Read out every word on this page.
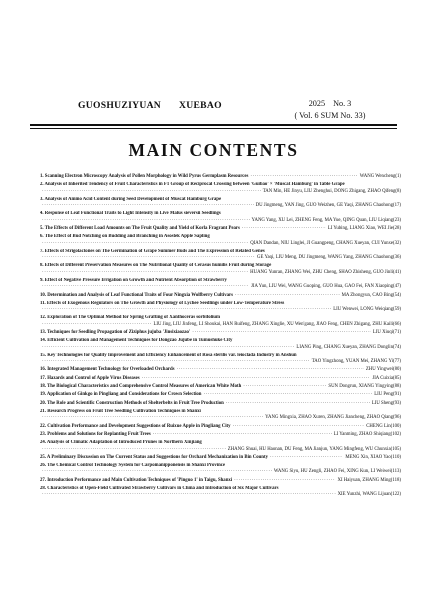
GUOSHUZIYUAN XUEBAO	2025 No. 3
( Vol. 6 SUM No. 33)
MAIN CONTENTS
1. Scanning Electron Microscopy Analysis of Pollen Morphology in Wild Pyrus Germplasm Resources ·····	WANG Wencheng(1)
2. Analysis of Inherited Tendency of Fruit Characteristics in F1 Group of Reciprocal Crossing between 'Guibao' × 'Muscat Hamburg' in Table Grape
·····
TAN Min, HE Jinyu, LIU Zhenghui, DONG Zhigang, ZHAO Qifeng(8)
3. Analysis of Amino Acid Content during Seed Development of Muscat Hamburg Grape
·····
DU Jingmeng, YAN Jing, GUO Weizhen, GE Yaqi, ZHANG Chaohong(17)
4. Response of Leaf Functional Traits to Light Intensity in Live Malus sieversii Seedlings
·····
YANG Yang, XU Lei, ZHENG Feng, MA Yue, QING Quan, LIU Liqiang(23)
5. The Effects of Different Load Amounts on The Fruit Quality and Yield of Korla Fragrant Pears ·····	LI Yubing, LIANG Xiao, WEI Jie(28)
6. The Effect of Bud Notching on Budding and Branching in Asostek Apple Sapling
·····
QIAN Dandan, NIU Linglei, JI Guangpeng, CHANG Xueyan, CUI Yunxe(32)
7. Effects of Strigolactones on The Germination of Grape Summer Buds and The Expression of Related Genes
·····
GE Yaqi, LIU Meng, DU Jingmeng, WANG Yang, ZHANG Chaohong(36)
8. Effects of Different Preservation Measures on The Nutritional Quality of Cerasus humilis Fruit during Storage
·····
HUANG Yunran, ZHANG Wei, ZHU Cheng, SHAO Zhisheng, GUO Jinli(41)
9. Effect of Negative Pressure Irrigation on Growth and Nutrient Absorption of Strawberry
·····
JIA Yun, LIU Wei, WANG Guoping, GUO Hua, GAO Fei, FAN Xiaoping(47)
10. Determination and Analysis of Leaf Functional Traits of Four Ningxia Wolfberry Cultivars ·····	MA Zhongyun, CAO Bing(54)
11. Effects of Exogenous Regulators on The Growth and Physiology of Lychee Seedlings under Low-Temperature Stress
·····
LIU Wenwei, LONG Weiqiang(59)
12. Exploration of The Optimal Method for Spring Grafting of Xanthoceras sorbifolium
·····
LIU Jing, LIU Jinfeng, LI Shoukai, HAN Ruifeng, ZHANG Xinglie, XU Wen'gang, JIAO Feng, CHEN Zhigang, ZHU Kaili(66)
13. Techniques for Seedling Propagation of Ziziphus jujuba 'Jinsixiaozao' ·····	LIU Xiuqi(71)
14. Efficient Cultivation and Management Techniques for Dongzao Jujube in Tumushuke City
·····
LIANG Ping, CHANG Xueyan, ZHANG Donglin(74)
15. Key Technologies for Quality Improvement and Efficiency Enhancement of Rosa sterilis var. leioclada Industry in Anshun
·····
TAO Yingzhong, YUAN Mei, ZHANG Yi(77)
16. Integrated Management Technology for Overloaded Orchards ·····	ZHU Yingwei(80)
17. Hazards and Control of Apple Virus Diseases ·····	JIA Cuixia(85)
18. The Biological Characteristics and Comprehensive Control Measures of American White Moth ·····	SUN Dongrun, XIANG Yingying(88)
19. Application of Ginkgo in Pingliang and Considerations for Crown Selection ·····	LIU Peng(91)
20. The Role and Scientific Construction Methods of Shelterbelts in Fruit Tree Production ·····	LIU Sheng(93)
21. Research Progress on Fruit Tree Seedling Cultivation Techniques in Shanxi
·····
YANG Mingxia, ZHAO Xuren, ZHANG Jiancheng, ZHAO Qiang(96)
22. Cultivation Performance and Development Suggestions of Ruixue Apple in Pingliang City ·····	CHENG Lin(100)
23. Problems and Solutions for Replanting Fruit Trees ·····	LI Yanming, ZHAO Shiqiang(102)
24. Analysis of Climatic Adaptation of Introduced Prunes in Northern Xinjiang
·····
ZHANG Shuai, HU Haonan, DU Feng, MA Jianjun, YANG Mingfeng, WU Chunxia(105)
25. A Preliminary Discussion on The Current Status and Suggestions for Orchard Mechanization in Bin County ·····	MENG Xin, XIAO Yao(110)
26. The Chemical Control Technology System for Carpoinanipponensis in Shanxi Province
·····
WANG Siyu, HU Zengli, ZHAO Fei, XING Kun, LI Weiwei(113)
27. Introduction Performance and Main Cultivation Techniques of 'Pinguo 1' in Taigu, Shanxi ·····	XI Haiyuan, ZHANG Ming(118)
28. Characteristics of Open-Field Cultivated Strawberry Cultivars in China and Introduction of Six Major Cultivars
·····
XIE Yunzhi, WANG Lijuan(122)
